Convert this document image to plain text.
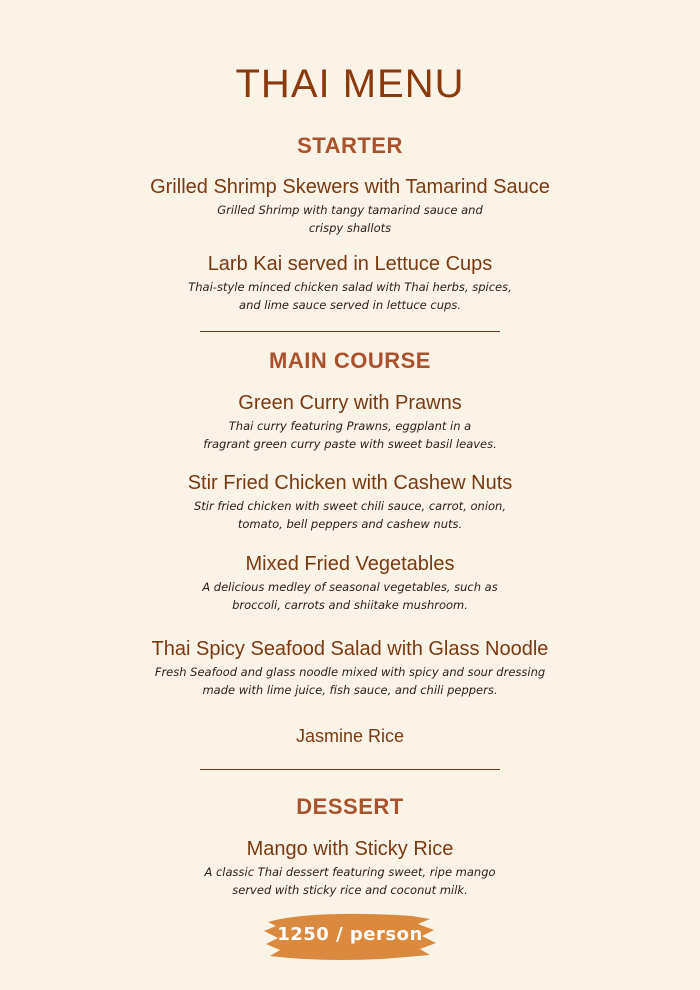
THAI MENU
STARTER
Grilled Shrimp Skewers with Tamarind Sauce
Grilled Shrimp with tangy tamarind sauce and
crispy shallots
Larb Kai served in Lettuce Cups
Thai-style minced chicken salad with Thai herbs, spices,
and lime sauce served in lettuce cups.
MAIN COURSE
Green Curry with Prawns
Thai curry featuring Prawns, eggplant in a
fragrant green curry paste with sweet basil leaves.
Stir Fried Chicken with Cashew Nuts
Stir fried chicken with sweet chili sauce, carrot, onion,
tomato, bell peppers and cashew nuts.
Mixed Fried Vegetables
A delicious medley of seasonal vegetables, such as
broccoli, carrots and shiitake mushroom.
Thai Spicy Seafood Salad with Glass Noodle
Fresh Seafood and glass noodle mixed with spicy and sour dressing
made with lime juice, fish sauce, and chili peppers.
Jasmine Rice
DESSERT
Mango with Sticky Rice
A classic Thai dessert featuring sweet, ripe mango
served with sticky rice and coconut milk.
1250 / person
